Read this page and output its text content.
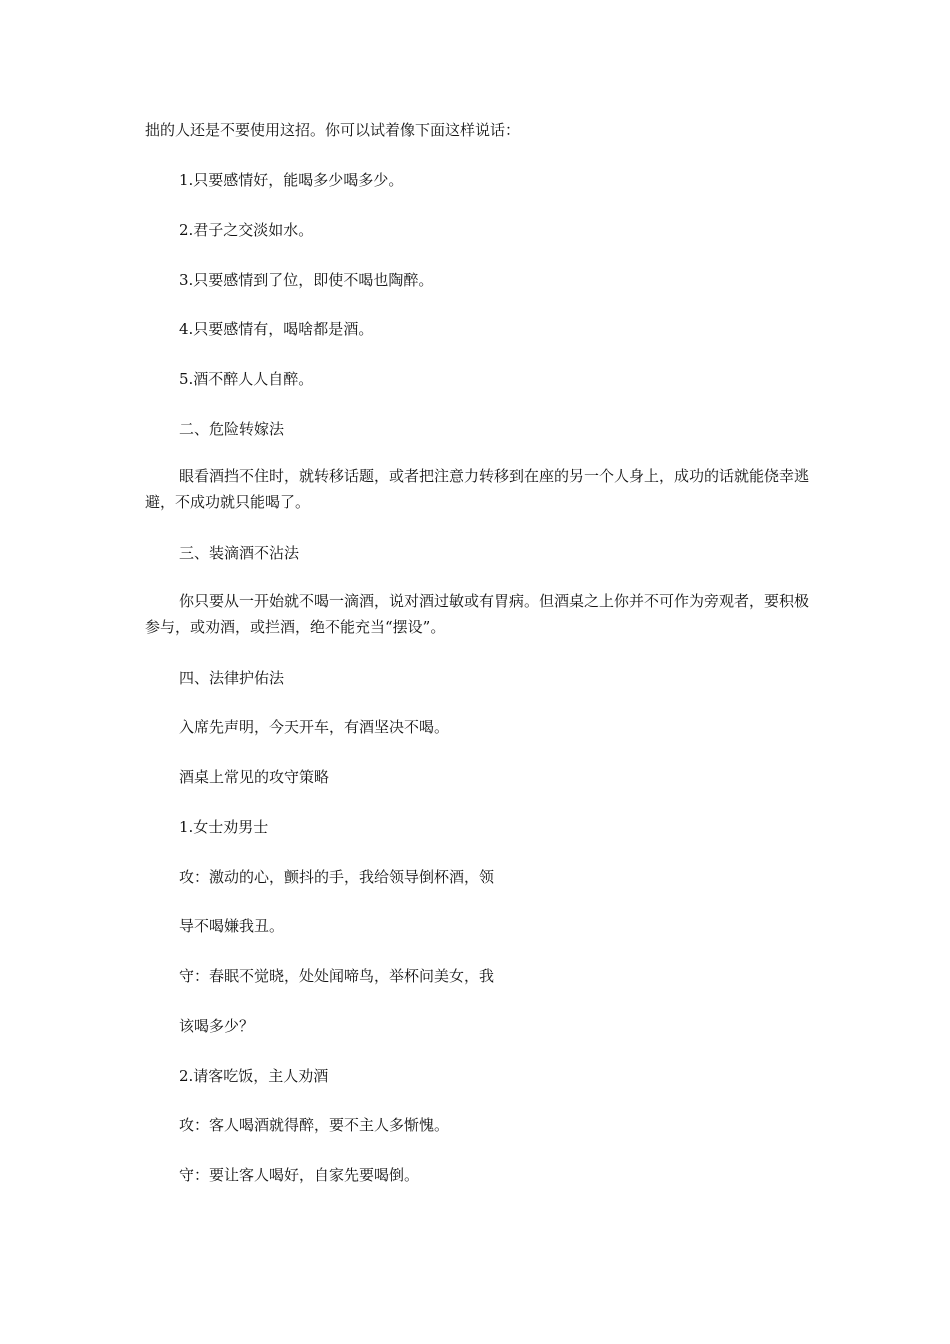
拙的人还是不要使用这招。你可以试着像下面这样说话：

1.只要感情好，能喝多少喝多少。

2.君子之交淡如水。

3.只要感情到了位，即使不喝也陶醉。

4.只要感情有，喝啥都是酒。

5.酒不醉人人自醉。

二、危险转嫁法

眼看酒挡不住时，就转移话题，或者把注意力转移到在座的另一个人身上，成功的话就能侥幸逃避，不成功就只能喝了。

三、装滴酒不沾法

你只要从一开始就不喝一滴酒，说对酒过敏或有胃病。但酒桌之上你并不可作为旁观者，要积极参与，或劝酒，或拦酒，绝不能充当“摆设”。

四、法律护佑法

入席先声明，今天开车，有酒坚决不喝。

酒桌上常见的攻守策略

1.女士劝男士

攻：激动的心，颤抖的手，我给领导倒杯酒，领

导不喝嫌我丑。

守：春眠不觉晓，处处闻啼鸟，举杯问美女，我

该喝多少？

2.请客吃饭，主人劝酒

攻：客人喝酒就得醉，要不主人多惭愧。

守：要让客人喝好，自家先要喝倒。
